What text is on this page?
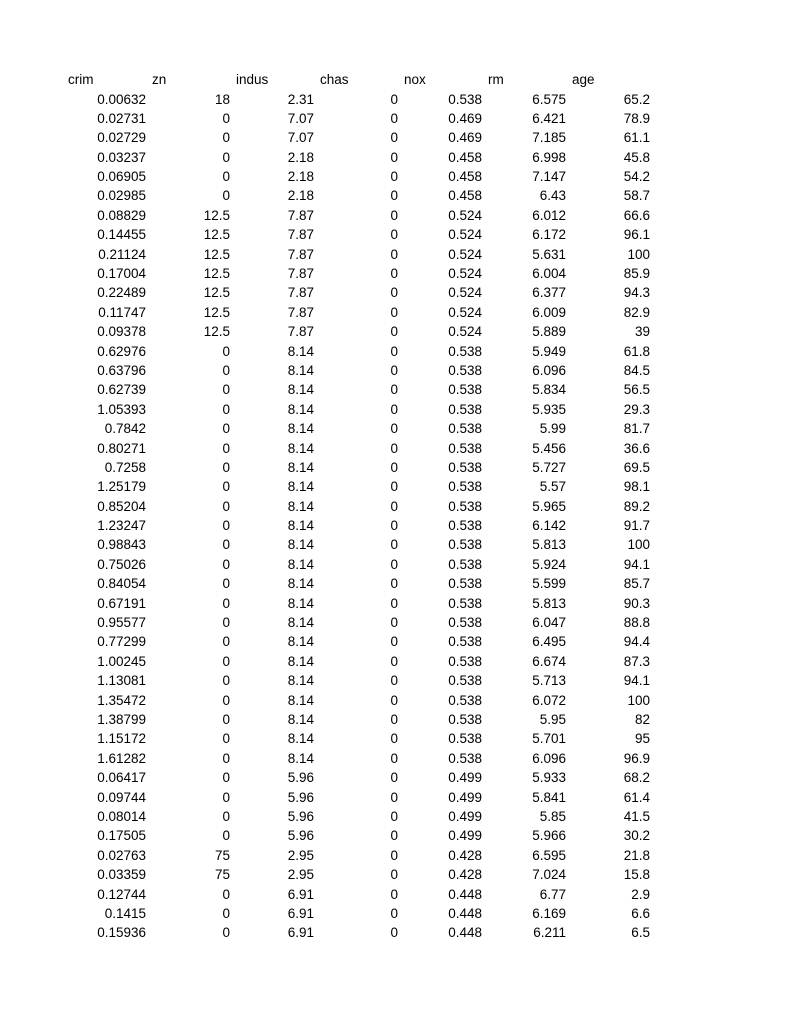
crim	zn	indus	chas	nox	rm	age
0.00632	18	2.31	0	0.538	6.575	65.2
0.02731	0	7.07	0	0.469	6.421	78.9
0.02729	0	7.07	0	0.469	7.185	61.1
0.03237	0	2.18	0	0.458	6.998	45.8
0.06905	0	2.18	0	0.458	7.147	54.2
0.02985	0	2.18	0	0.458	6.43	58.7
0.08829	12.5	7.87	0	0.524	6.012	66.6
0.14455	12.5	7.87	0	0.524	6.172	96.1
0.21124	12.5	7.87	0	0.524	5.631	100
0.17004	12.5	7.87	0	0.524	6.004	85.9
0.22489	12.5	7.87	0	0.524	6.377	94.3
0.11747	12.5	7.87	0	0.524	6.009	82.9
0.09378	12.5	7.87	0	0.524	5.889	39
0.62976	0	8.14	0	0.538	5.949	61.8
0.63796	0	8.14	0	0.538	6.096	84.5
0.62739	0	8.14	0	0.538	5.834	56.5
1.05393	0	8.14	0	0.538	5.935	29.3
0.7842	0	8.14	0	0.538	5.99	81.7
0.80271	0	8.14	0	0.538	5.456	36.6
0.7258	0	8.14	0	0.538	5.727	69.5
1.25179	0	8.14	0	0.538	5.57	98.1
0.85204	0	8.14	0	0.538	5.965	89.2
1.23247	0	8.14	0	0.538	6.142	91.7
0.98843	0	8.14	0	0.538	5.813	100
0.75026	0	8.14	0	0.538	5.924	94.1
0.84054	0	8.14	0	0.538	5.599	85.7
0.67191	0	8.14	0	0.538	5.813	90.3
0.95577	0	8.14	0	0.538	6.047	88.8
0.77299	0	8.14	0	0.538	6.495	94.4
1.00245	0	8.14	0	0.538	6.674	87.3
1.13081	0	8.14	0	0.538	5.713	94.1
1.35472	0	8.14	0	0.538	6.072	100
1.38799	0	8.14	0	0.538	5.95	82
1.15172	0	8.14	0	0.538	5.701	95
1.61282	0	8.14	0	0.538	6.096	96.9
0.06417	0	5.96	0	0.499	5.933	68.2
0.09744	0	5.96	0	0.499	5.841	61.4
0.08014	0	5.96	0	0.499	5.85	41.5
0.17505	0	5.96	0	0.499	5.966	30.2
0.02763	75	2.95	0	0.428	6.595	21.8
0.03359	75	2.95	0	0.428	7.024	15.8
0.12744	0	6.91	0	0.448	6.77	2.9
0.1415	0	6.91	0	0.448	6.169	6.6
0.15936	0	6.91	0	0.448	6.211	6.5
